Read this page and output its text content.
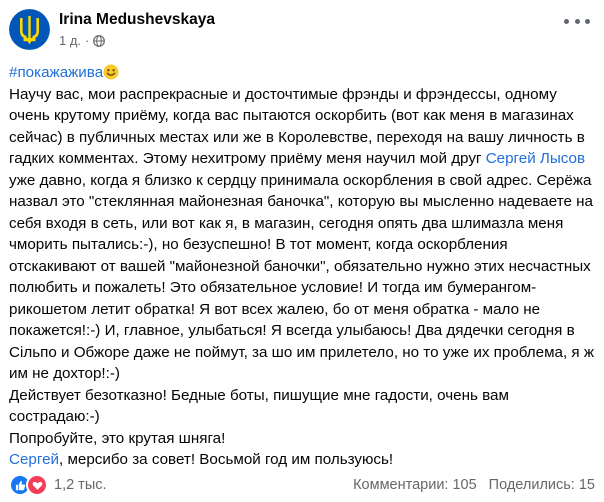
Irina Medushevskaya
1 д. ·

#покажажива

Научу вас, мои распрекрасные и досточтимые фрэнды и фрэндессы, одному очень крутому приёму, когда вас пытаются оскорбить (вот как меня в магазинах сейчас) в публичных местах или же в Королевстве, переходя на вашу личность в гадких комментах. Этому нехитрому приёму меня научил мой друг Сергей Лысов уже давно, когда я близко к сердцу принимала оскорбления в свой адрес. Серёжа назвал это "стеклянная майонезная баночка", которую вы мысленно надеваете на себя входя в сеть, или вот как я, в магазин, сегодня опять два шлимазла меня чморить пытались:-), но безуспешно! В тот момент, когда оскорбления отскакивают от вашей "майонезной баночки", обязательно нужно этих несчастных полюбить и пожалеть! Это обязательное условие! И тогда им бумерангом-рикошетом летит обратка! Я вот всех жалею, бо от меня обратка - мало не покажется!:-) И, главное, улыбаться! Я всегда улыбаюсь! Два дядечки сегодня в Сільпо и Обжоре даже не поймут, за шо им прилетело, но то уже их проблема, я ж им не дохтор!:-)

Действует безотказно! Бедные боты, пишущие мне гадости, очень вам сострадаю:-)

Попробуйте, это крутая шняга!

Сергей, мерсибо за совет! Восьмой год им пользуюсь!

1,2 тыс.	Комментарии: 105 Поделились: 15
